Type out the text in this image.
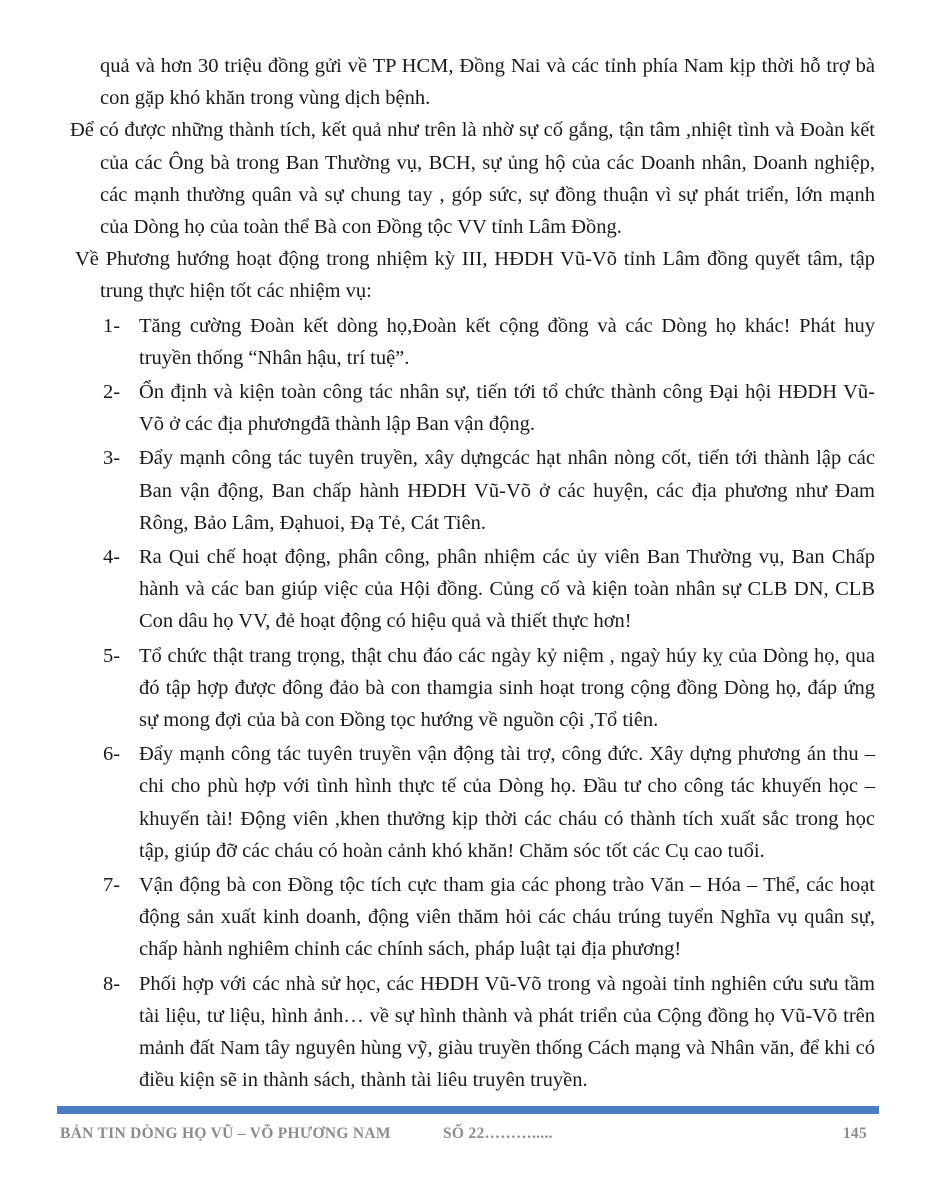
quả và hơn 30 triệu đồng gửi về TP HCM, Đồng Nai và các tỉnh phía Nam kịp thời hỗ trợ bà con gặp khó khăn trong vùng dịch bệnh.

Để có được những thành tích, kết quả như trên là nhờ sự cố gắng, tận tâm ,nhiệt tình và Đoàn kết của các Ông bà trong Ban Thường vụ, BCH, sự ủng hộ của các Doanh nhân, Doanh nghiệp, các mạnh thường quân và sự chung tay , góp sức, sự đồng thuận vì sự phát triển, lớn mạnh của Dòng họ của toàn thể Bà con Đồng tộc VV tỉnh Lâm Đồng.

Về Phương hướng hoạt động trong nhiệm kỳ III, HĐDH Vũ-Võ tỉnh Lâm đồng quyết tâm, tập trung thực hiện tốt các nhiệm vụ:

1- Tăng cường Đoàn kết dòng họ,Đoàn kết cộng đồng và các Dòng họ khác! Phát huy truyền thống “Nhân hậu, trí tuệ”.
2- Ổn định và kiện toàn công tác nhân sự, tiến tới tổ chức thành công Đại hội HĐDH Vũ-Võ ở các địa phươngđã thành lập Ban vận động.
3- Đẩy mạnh công tác tuyên truyền, xây dựngcác hạt nhân nòng cốt, tiến tới thành lập các Ban vận động, Ban chấp hành HĐDH Vũ-Võ ở các huyện, các địa phương như Đam Rông, Bảo Lâm, Đạhuoi, Đạ Tẻ, Cát Tiên.
4- Ra Qui chế hoạt động, phân công, phân nhiệm các ủy viên Ban Thường vụ, Ban Chấp hành và các ban giúp việc của Hội đồng. Củng cố và kiện toàn nhân sự CLB DN, CLB Con dâu họ VV, đẻ hoạt động có hiệu quả và thiết thực hơn!
5- Tổ chức thật trang trọng, thật chu đáo các ngày kỷ niệm , ngaỳ húy kỵ của Dòng họ, qua đó tập hợp được đông đảo bà con thamgia sinh hoạt trong cộng đồng Dòng họ, đáp ứng sự mong đợi của bà con Đồng tọc hướng về nguồn cội ,Tổ tiên.
6- Đẩy mạnh công tác tuyên truyền vận động tài trợ, công đức. Xây dựng phương án thu – chi cho phù hợp với tình hình thực tế của Dòng họ. Đầu tư cho công tác khuyến học – khuyến tài! Động viên ,khen thưởng kịp thời các cháu có thành tích xuất sắc trong học tập, giúp đỡ các cháu có hoàn cảnh khó khăn! Chăm sóc tốt các Cụ cao tuổi.
7- Vận động bà con Đồng tộc tích cực tham gia các phong trào Văn – Hóa – Thể, các hoạt động sản xuất kinh doanh, động viên thăm hỏi các cháu trúng tuyển Nghĩa vụ quân sự, chấp hành nghiêm chỉnh các chính sách, pháp luật tại địa phương!
8- Phối hợp với các nhà sử học, các HĐDH Vũ-Võ trong và ngoài tỉnh nghiên cứu sưu tầm tài liệu, tư liệu, hình ảnh… về sự hình thành và phát triển của Cộng đồng họ Vũ-Võ trên mảnh đất Nam tây nguyên hùng vỹ, giàu truyền thống Cách mạng và Nhân văn, để khi có điều kiện sẽ in thành sách, thành tài liêu truyên truyền.
BẢN TIN DÒNG HỌ VŨ – VÕ PHƯƠNG NAM	SỐ 22……….....	145
